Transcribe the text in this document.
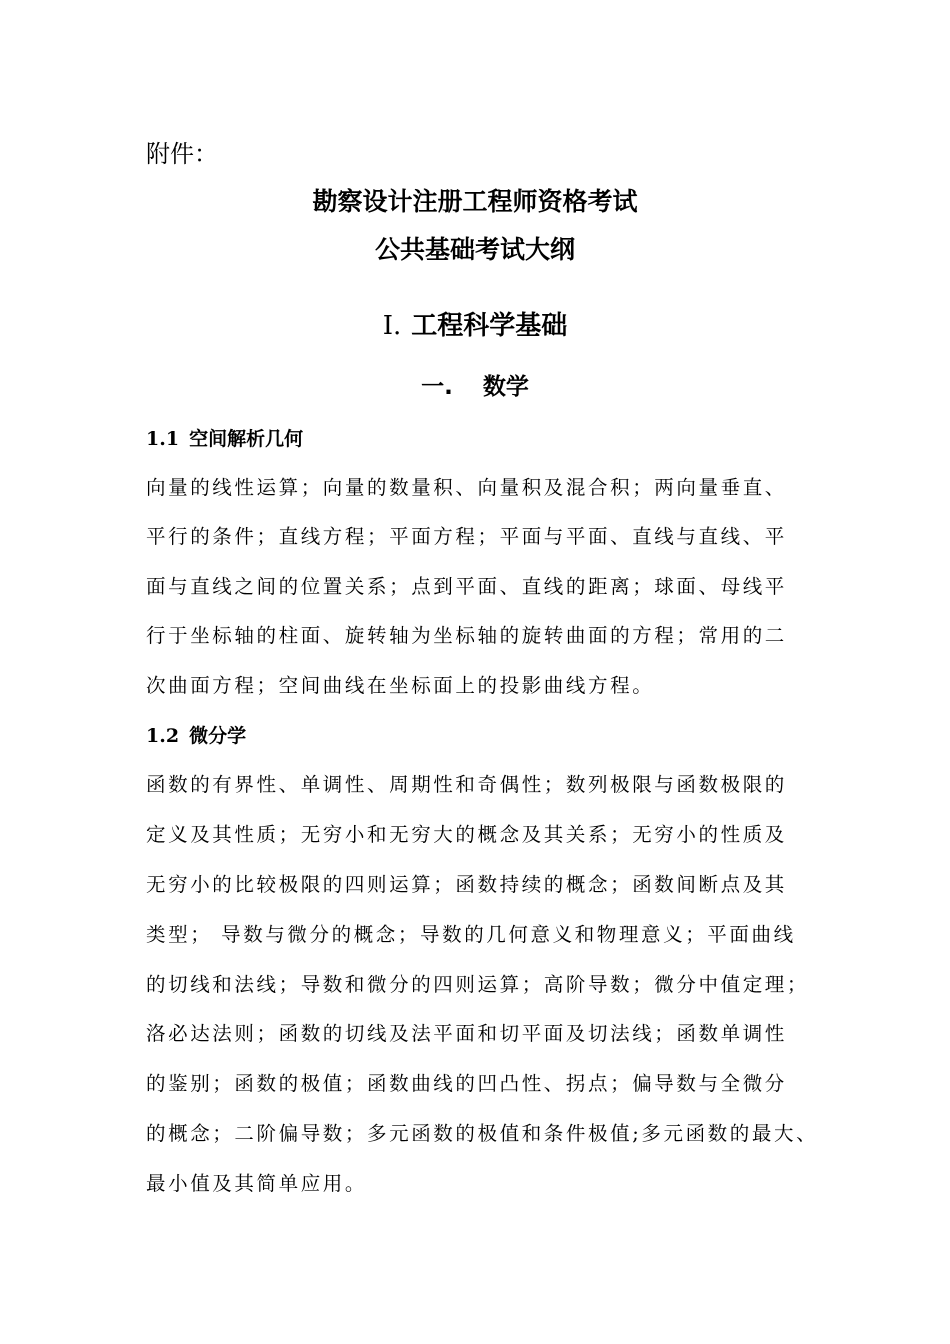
附件：
勘察设计注册工程师资格考试
公共基础考试大纲
I. 工程科学基础
一. 数学
1.1 空间解析几何
向量的线性运算；向量的数量积、向量积及混合积；两向量垂直、
平行的条件；直线方程；平面方程；平面与平面、直线与直线、平
面与直线之间的位置关系；点到平面、直线的距离；球面、母线平
行于坐标轴的柱面、旋转轴为坐标轴的旋转曲面的方程；常用的二
次曲面方程；空间曲线在坐标面上的投影曲线方程。
1.2 微分学
函数的有界性、单调性、周期性和奇偶性；数列极限与函数极限的
定义及其性质；无穷小和无穷大的概念及其关系；无穷小的性质及
无穷小的比较极限的四则运算；函数持续的概念；函数间断点及其
类型； 导数与微分的概念；导数的几何意义和物理意义；平面曲线
的切线和法线；导数和微分的四则运算；高阶导数；微分中值定理；
洛必达法则；函数的切线及法平面和切平面及切法线；函数单调性
的鉴别；函数的极值；函数曲线的凹凸性、拐点；偏导数与全微分
的概念；二阶偏导数；多元函数的极值和条件极值;多元函数的最大、
最小值及其简单应用。
